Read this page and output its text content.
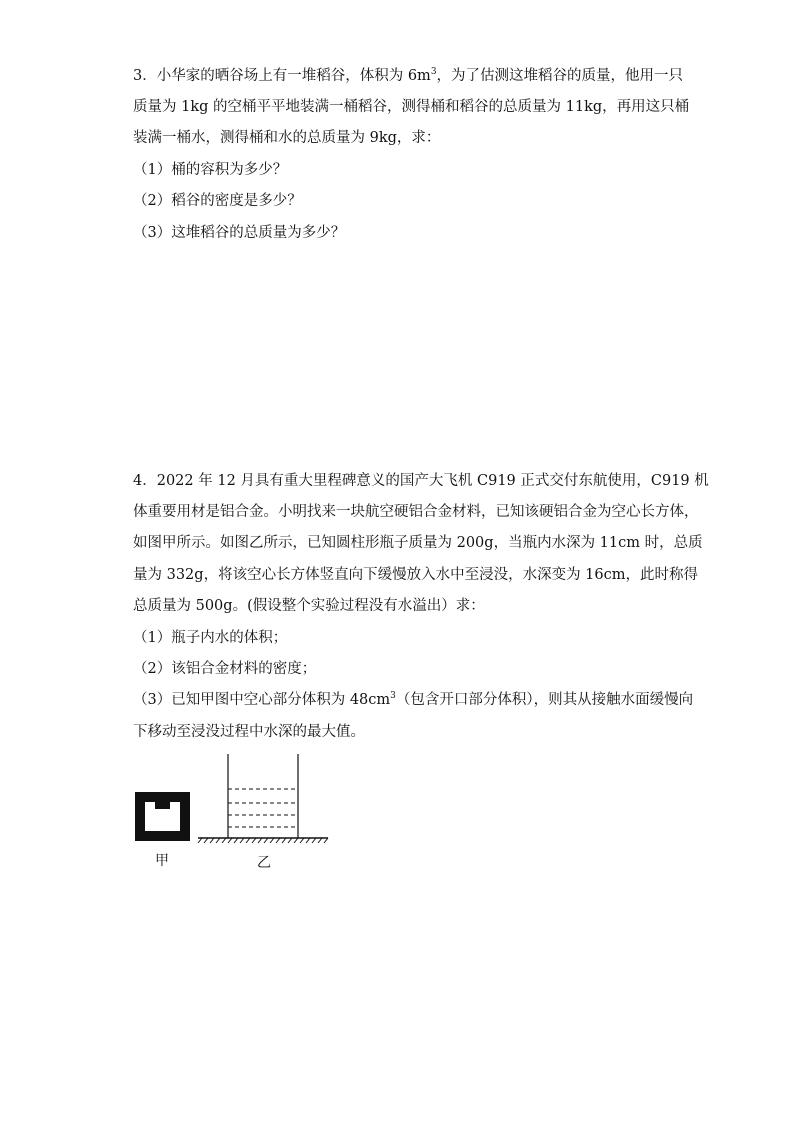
3．小华家的晒谷场上有一堆稻谷，体积为 $6m^3$，为了估测这堆稻谷的质量，他用一只
质量为 1kg 的空桶平平地装满一桶稻谷，测得桶和稻谷的总质量为 11kg，再用这只桶
装满一桶水，测得桶和水的总质量为 9kg，求：
（1）桶的容积为多少？
（2）稻谷的密度是多少？
（3）这堆稻谷的总质量为多少？
4．2022 年 12 月具有重大里程碑意义的国产大飞机 C919 正式交付东航使用，C919 机
体重要用材是铝合金。小明找来一块航空硬铝合金材料，已知该硬铝合金为空心长方体，
如图甲所示。如图乙所示，已知圆柱形瓶子质量为 200g，当瓶内水深为 11cm 时，总质
量为 332g，将该空心长方体竖直向下缓慢放入水中至浸没，水深变为 16cm，此时称得
总质量为 500g。(假设整个实验过程没有水溢出）求：
（1）瓶子内水的体积；
（2）该铝合金材料的密度；
（3）已知甲图中空心部分体积为 $48cm^3$（包含开口部分体积），则其从接触水面缓慢向
下移动至浸没过程中水深的最大值。
甲	乙
